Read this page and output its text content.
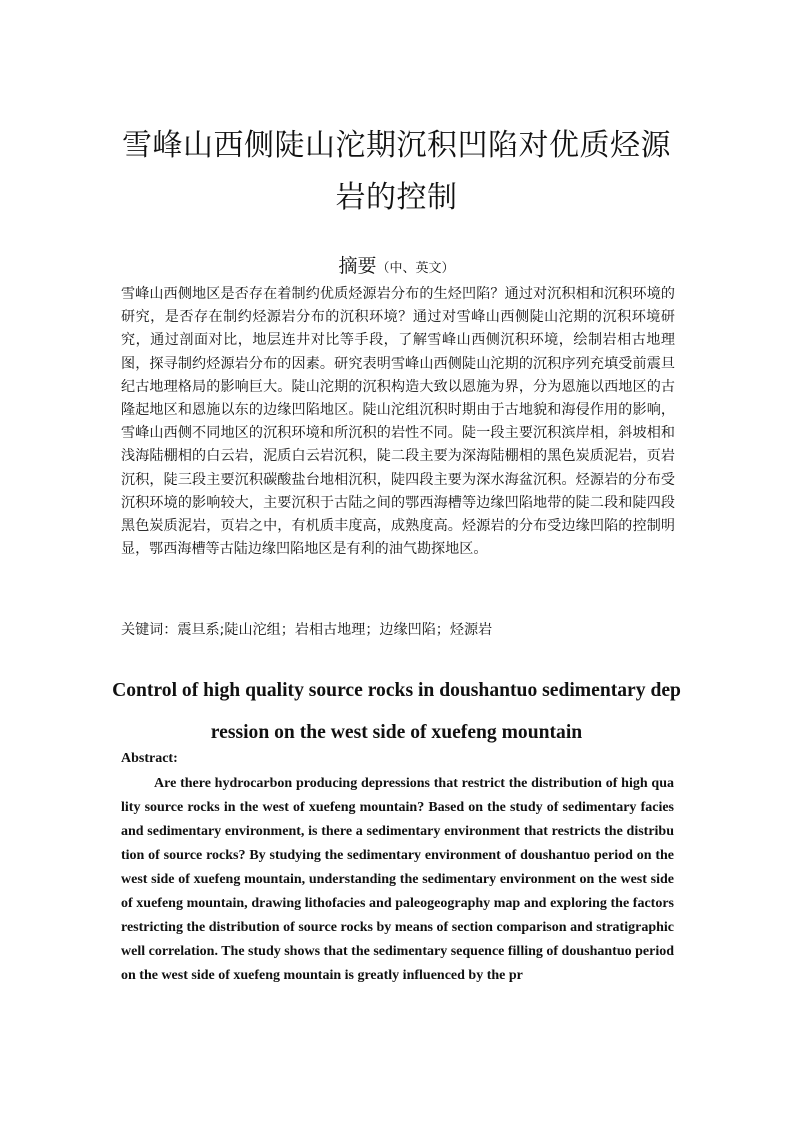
雪峰山西侧陡山沱期沉积凹陷对优质烃源
岩的控制
摘要（中、英文）

雪峰山西侧地区是否存在着制约优质烃源岩分布的生烃凹陷？通过对沉积相和沉积环境的研究，是否存在制约烃源岩分布的沉积环境？通过对雪峰山西侧陡山沱期的沉积环境研究，通过剖面对比，地层连井对比等手段，了解雪峰山西侧沉积环境，绘制岩相古地理图，探寻制约烃源岩分布的因素。研究表明雪峰山西侧陡山沱期的沉积序列充填受前震旦纪古地理格局的影响巨大。陡山沱期的沉积构造大致以恩施为界，分为恩施以西地区的古隆起地区和恩施以东的边缘凹陷地区。陡山沱组沉积时期由于古地貌和海侵作用的影响，雪峰山西侧不同地区的沉积环境和所沉积的岩性不同。陡一段主要沉积滨岸相，斜坡相和浅海陆棚相的白云岩，泥质白云岩沉积，陡二段主要为深海陆棚相的黑色炭质泥岩，页岩沉积，陡三段主要沉积碳酸盐台地相沉积，陡四段主要为深水海盆沉积。烃源岩的分布受沉积环境的影响较大，主要沉积于古陆之间的鄂西海槽等边缘凹陷地带的陡二段和陡四段黑色炭质泥岩，页岩之中，有机质丰度高，成熟度高。烃源岩的分布受边缘凹陷的控制明显，鄂西海槽等古陆边缘凹陷地区是有利的油气勘探地区。

关键词：震旦系;陡山沱组；岩相古地理；边缘凹陷；烃源岩

Control of high quality source rocks in doushantuo sedimentary depression on the west side of xuefeng mountain

Abstract:

Are there hydrocarbon producing depressions that restrict the distribution of high quality source rocks in the west of xuefeng mountain? Based on the study of sedimentary facies and sedimentary environment, is there a sedimentary environment that restricts the distribution of source rocks? By studying the sedimentary environment of doushantuo period on the west side of xuefeng mountain, understanding the sedimentary environment on the west side of xuefeng mountain, drawing lithofacies and paleogeography map and exploring the factors restricting the distribution of source rocks by means of section comparison and stratigraphic well correlation. The study shows that the sedimentary sequence filling of doushantuo period on the west side of xuefeng mountain is greatly influenced by the pr
